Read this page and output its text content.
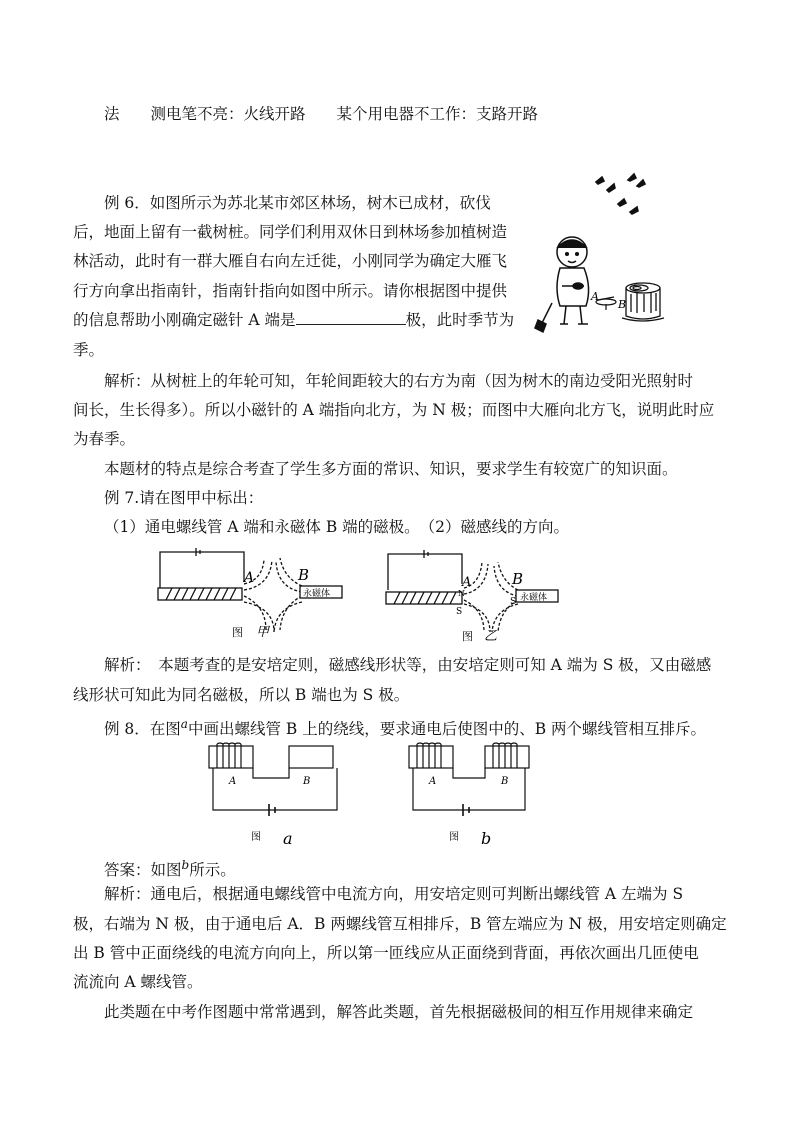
法　　测电笔不亮：火线开路　　某个用电器不工作：支路开路
例 6．如图所示为苏北某市郊区林场，树木已成材，砍伐
后，地面上留有一截树桩。同学们利用双休日到林场参加植树造
林活动，此时有一群大雁自右向左迁徙，小刚同学为确定大雁飞
行方向拿出指南针，指南针指向如图中所示。请你根据图中提供
的信息帮助小刚确定磁针 A 端是	极，此时季节为
季。
解析：从树桩上的年轮可知，年轮间距较大的右方为南（因为树木的南边受阳光照射时
间长，生长得多）。所以小磁针的 A 端指向北方，为 N 极；而图中大雁向北方飞，说明此时应
为春季。
本题材的特点是综合考查了学生多方面的常识、知识，要求学生有较宽广的知识面。
例 7.请在图甲中标出：
（1）通电螺线管 A 端和永磁体 B 端的磁极。　（2）磁感线的方向。
解析：　本题考查的是安培定则，磁感线形状等，由安培定则可知 A 端为 S 极，又由磁感
线形状可知此为同名磁极，所以 B 端也为 S 极。
例 8．在图$^a$中画出螺线管 B 上的绕线，要求通电后使图中的、B 两个螺线管相互排斥。
答案：如图$^b$所示。
解析：通电后，根据通电螺线管中电流方向，用安培定则可判断出螺线管 A 左端为 S
极，右端为 N 极，由于通电后 A．B 两螺线管互相排斥，B 管左端应为 N 极，用安培定则确定
出 B 管中正面绕线的电流方向向上，所以第一匝线应从正面绕到背面，再依次画出几匝使电
流流向 A 螺线管。
此类题在中考作图题中常常遇到，解答此类题，首先根据磁极间的相互作用规律来确定
A
B
A	B
永磁体
图 甲
A
N
S
B
S 永磁体
图 乙
A	B
图 a
A	B
图 b
